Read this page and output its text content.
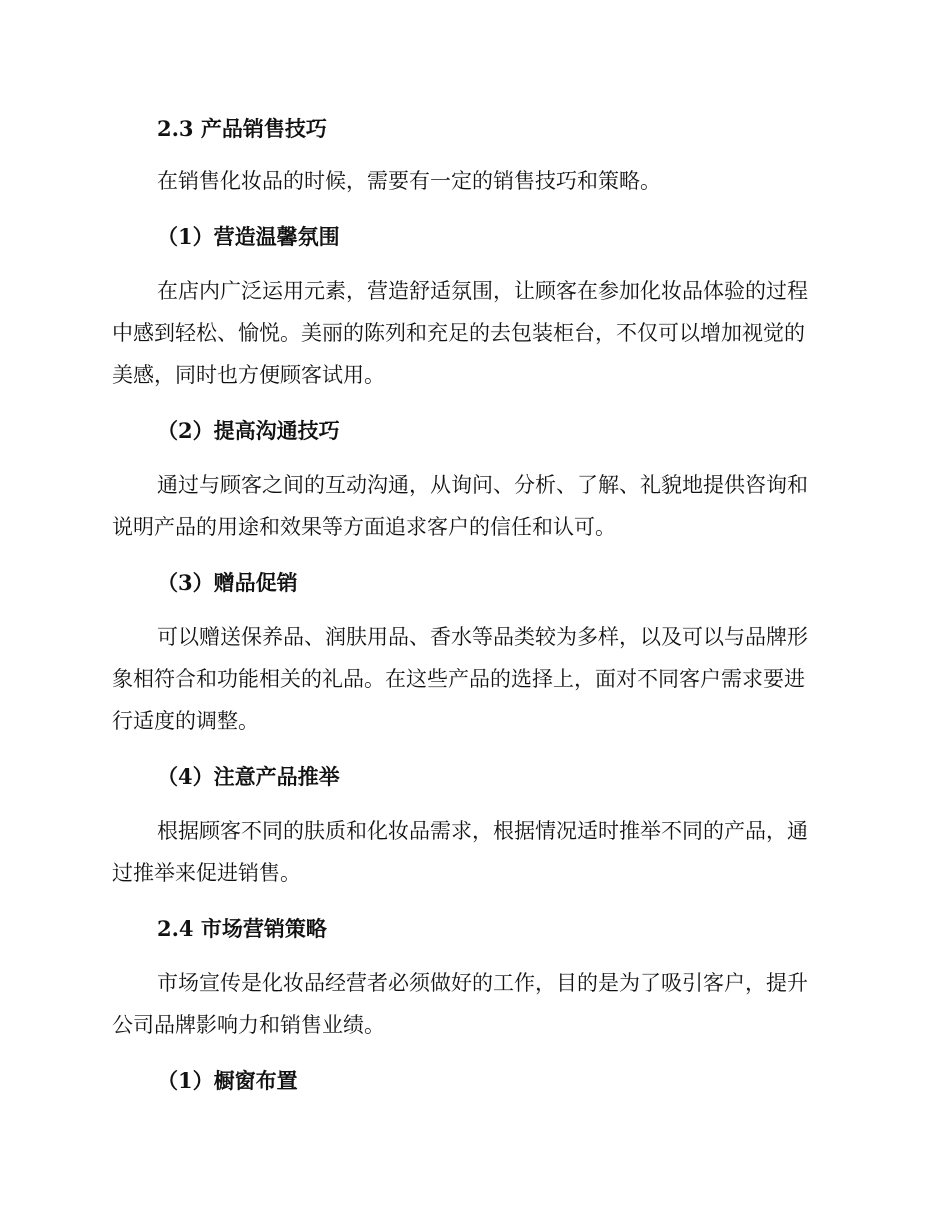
2.3 产品销售技巧
在销售化妆品的时候，需要有一定的销售技巧和策略。
（1）营造温馨氛围
在店内广泛运用元素，营造舒适氛围，让顾客在参加化妆品体验的过程
中感到轻松、愉悦。美丽的陈列和充足的去包装柜台，不仅可以增加视觉的
美感，同时也方便顾客试用。
（2）提高沟通技巧
通过与顾客之间的互动沟通，从询问、分析、了解、礼貌地提供咨询和
说明产品的用途和效果等方面追求客户的信任和认可。
（3）赠品促销
可以赠送保养品、润肤用品、香水等品类较为多样，以及可以与品牌形
象相符合和功能相关的礼品。在这些产品的选择上，面对不同客户需求要进
行适度的调整。
（4）注意产品推举
根据顾客不同的肤质和化妆品需求，根据情况适时推举不同的产品，通
过推举来促进销售。
2.4 市场营销策略
市场宣传是化妆品经营者必须做好的工作，目的是为了吸引客户，提升
公司品牌影响力和销售业绩。
（1）橱窗布置
